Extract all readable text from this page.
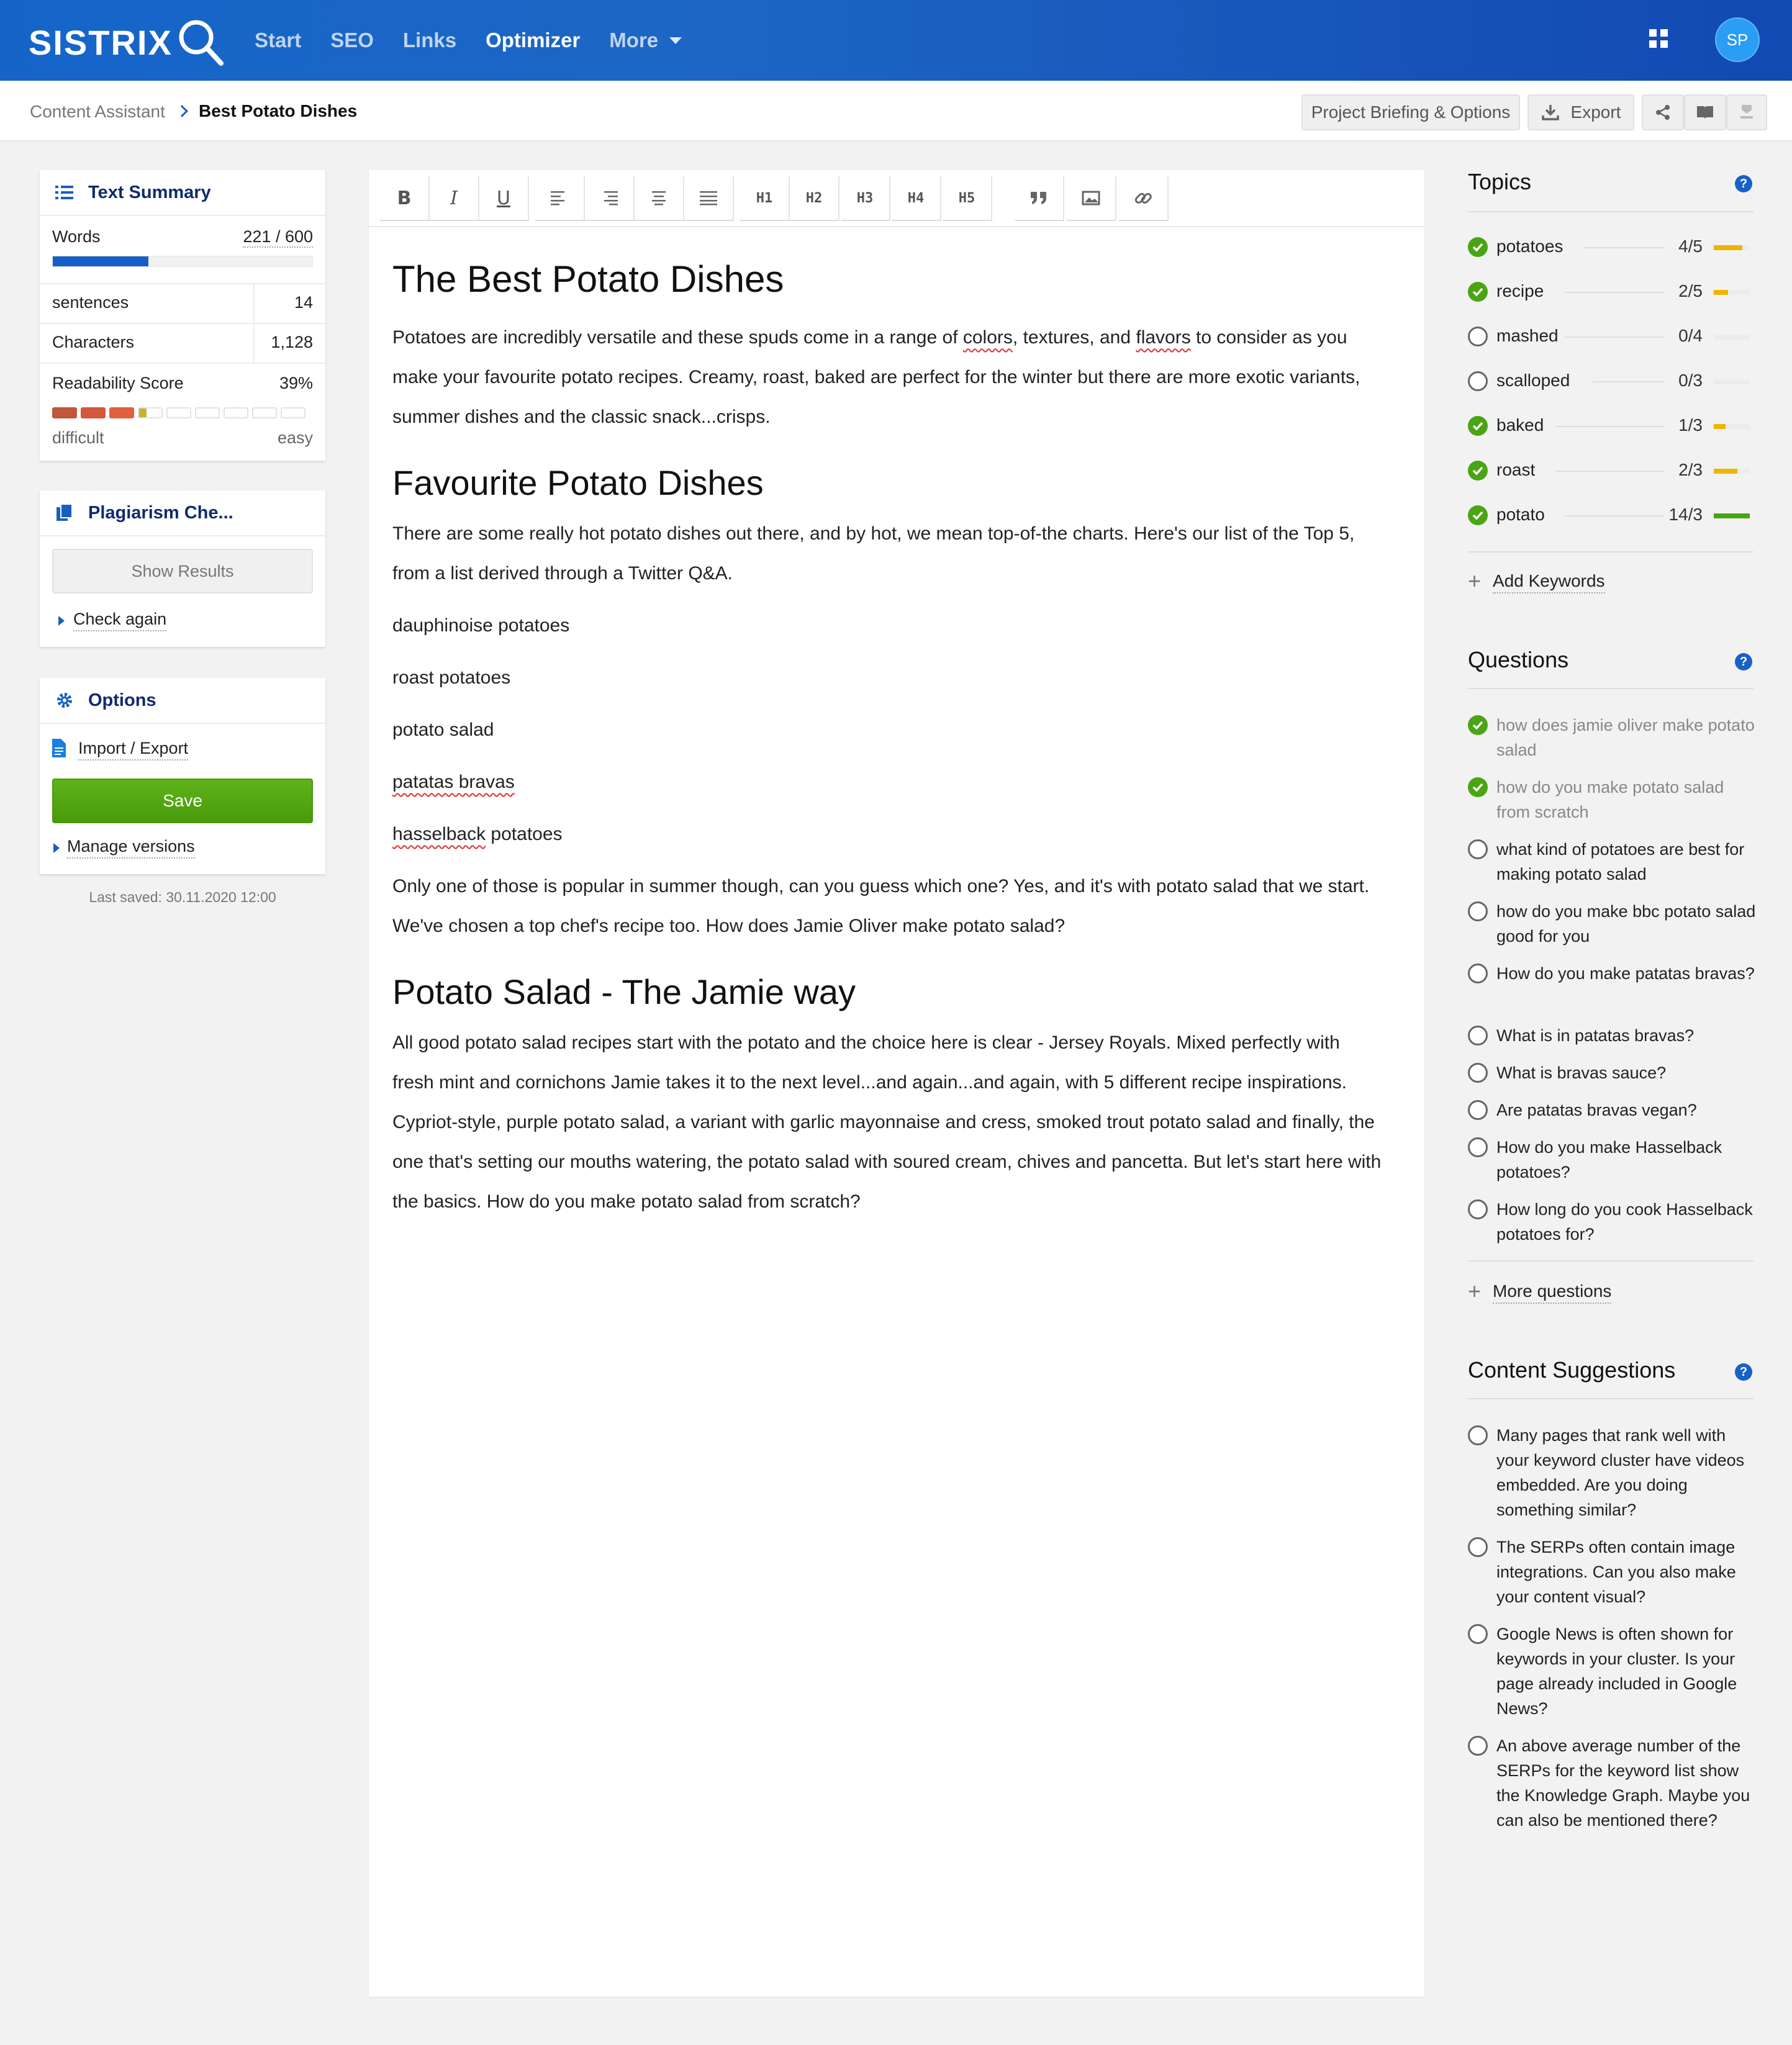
SISTRIX	Start SEO Links Optimizer More	SP
Content Assistant Best Potato Dishes	Project Briefing & Options	Export
Text Summary
Words	221 / 600
sentences	14
Characters	1,128
Readability Score	39%
difficult	easy
Plagiarism Che...
Show Results
Check again
Options
Import / Export
Save
Manage versions
Last saved: 30.11.2020 12:00
B	I	U	H1	H2	H3	H4	H5
The Best Potato Dishes

Potatoes are incredibly versatile and these spuds come in a range of colors, textures, and flavors to consider as you make your favourite potato recipes. Creamy, roast, baked are perfect for the winter but there are more exotic variants, summer dishes and the classic snack...crisps.

Favourite Potato Dishes

There are some really hot potato dishes out there, and by hot, we mean top-of-the charts. Here's our list of the Top 5, from a list derived through a Twitter Q&A.

dauphinoise potatoes

roast potatoes

potato salad

patatas bravas

hasselback potatoes

Only one of those is popular in summer though, can you guess which one? Yes, and it's with potato salad that we start. We've chosen a top chef's recipe too. How does Jamie Oliver make potato salad?

Potato Salad - The Jamie way

All good potato salad recipes start with the potato and the choice here is clear - Jersey Royals. Mixed perfectly with fresh mint and cornichons Jamie takes it to the next level...and again...and again, with 5 different recipe inspirations. Cypriot-style, purple potato salad, a variant with garlic mayonnaise and cress, smoked trout potato salad and finally, the one that's setting our mouths watering, the potato salad with soured cream, chives and pancetta. But let's start here with the basics. How do you make potato salad from scratch?

Topics	?
potatoes	4/5
recipe	2/5
mashed	0/4
scalloped	0/3
baked	1/3
roast	2/3
potato	14/3
+ Add Keywords
Questions	?
how does jamie oliver make potato salad
how do you make potato salad from scratch
what kind of potatoes are best for making potato salad
how do you make bbc potato salad good for you
How do you make patatas bravas?
What is in patatas bravas?
What is bravas sauce?
Are patatas bravas vegan?
How do you make Hasselback potatoes?
How long do you cook Hasselback potatoes for?
+ More questions
Content Suggestions	?
Many pages that rank well with your keyword cluster have videos embedded. Are you doing something similar?
The SERPs often contain image integrations. Can you also make your content visual?
Google News is often shown for keywords in your cluster. Is your page already included in Google News?
An above average number of the SERPs for the keyword list show the Knowledge Graph. Maybe you can also be mentioned there?
